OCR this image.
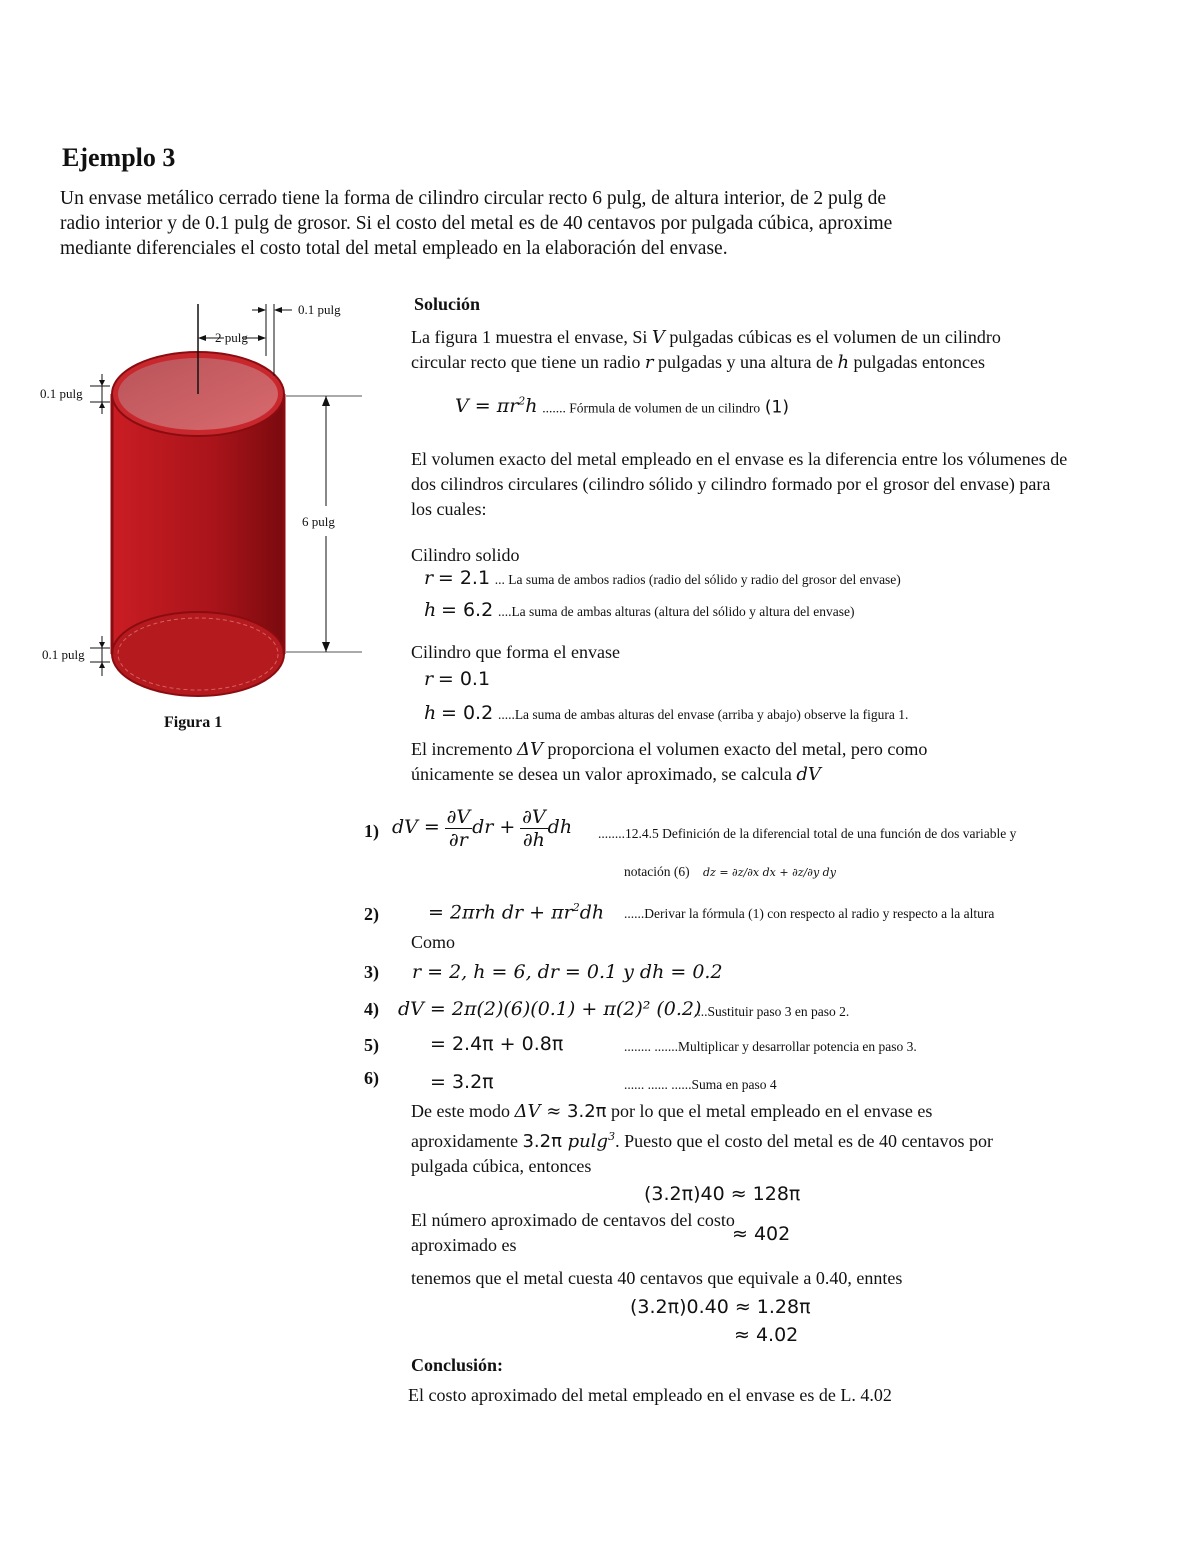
Ejemplo 3

Un envase metálico cerrado tiene la forma de cilindro circular recto 6 pulg, de altura interior, de 2 pulg de radio interior y de 0.1 pulg de grosor. Si el costo del metal es de 40 centavos por pulgada cúbica, aproxime mediante diferenciales el costo total del metal empleado en la elaboración del envase.

0.1 pulg
2 pulg
0.1 pulg
6 pulg
0.1 pulg
Figura 1
Solución
La figura 1 muestra el envase, Si V pulgadas cúbicas es el volumen de un cilindro
circular recto que tiene un radio r pulgadas y una altura de h pulgadas entonces
$V = \pi r^2h$ ....... Fórmula de volumen de un cilindro (1)
El volumen exacto del metal empleado en el envase es la diferencia entre los vólumenes de dos cilindros circulares (cilindro sólido y cilindro formado por el grosor del envase) para los cuales:
Cilindro solido
r = 2.1 ... La suma de ambos radios (radio del sólido y radio del grosor del envase)
h = 6.2 ....La suma de ambas alturas (altura del sólido y altura del envase)
Cilindro que forma el envase
r = 0.1
h = 0.2 .....La suma de ambas alturas del envase (arriba y abajo) observe la figura 1.
El incremento ΔV proporciona el volumen exacto del metal, pero como
únicamente se desea un valor aproximado, se calcula dV
1) dV = $\frac{\partial V}{\partial r}$ dr + $\frac{\partial V}{\partial h}$ dh ........12.4.5 Definición de la diferencial total de una función de dos variable y
notación (6) dz = ∂z/∂x dx + ∂z/∂y dy
2)	= 2πrh dr + $\pi r^2dh$ ......Derivar la fórmula (1) con respecto al radio y respecto a la altura
Como
3) r = 2, h = 6, dr = 0.1 y dh = 0.2
4) dV = 2π(2)(6)(0.1) + π(2)² (0.2)
....Sustituir paso 3 en paso 2.
5)	= 2.4π + 0.8π	........ .......Multiplicar y desarrollar potencia en paso 3.
6)	= 3.2π	...... ...... ......Suma en paso 4
De este modo ΔV ≈ 3.2π por lo que el metal empleado en el envase es
aproxidamente 3.2π pulg$^3$. Puesto que el costo del metal es de 40 centavos por
pulgada cúbica, entonces
(3.2π)40 ≈ 128π
El número aproximado de centavos del costo aproximado es	≈ 402
tenemos que el metal cuesta 40 centavos que equivale a 0.40, enntes
(3.2π)0.40 ≈ 1.28π
≈ 4.02
Conclusión:
El costo aproximado del metal empleado en el envase es de L. 4.02
